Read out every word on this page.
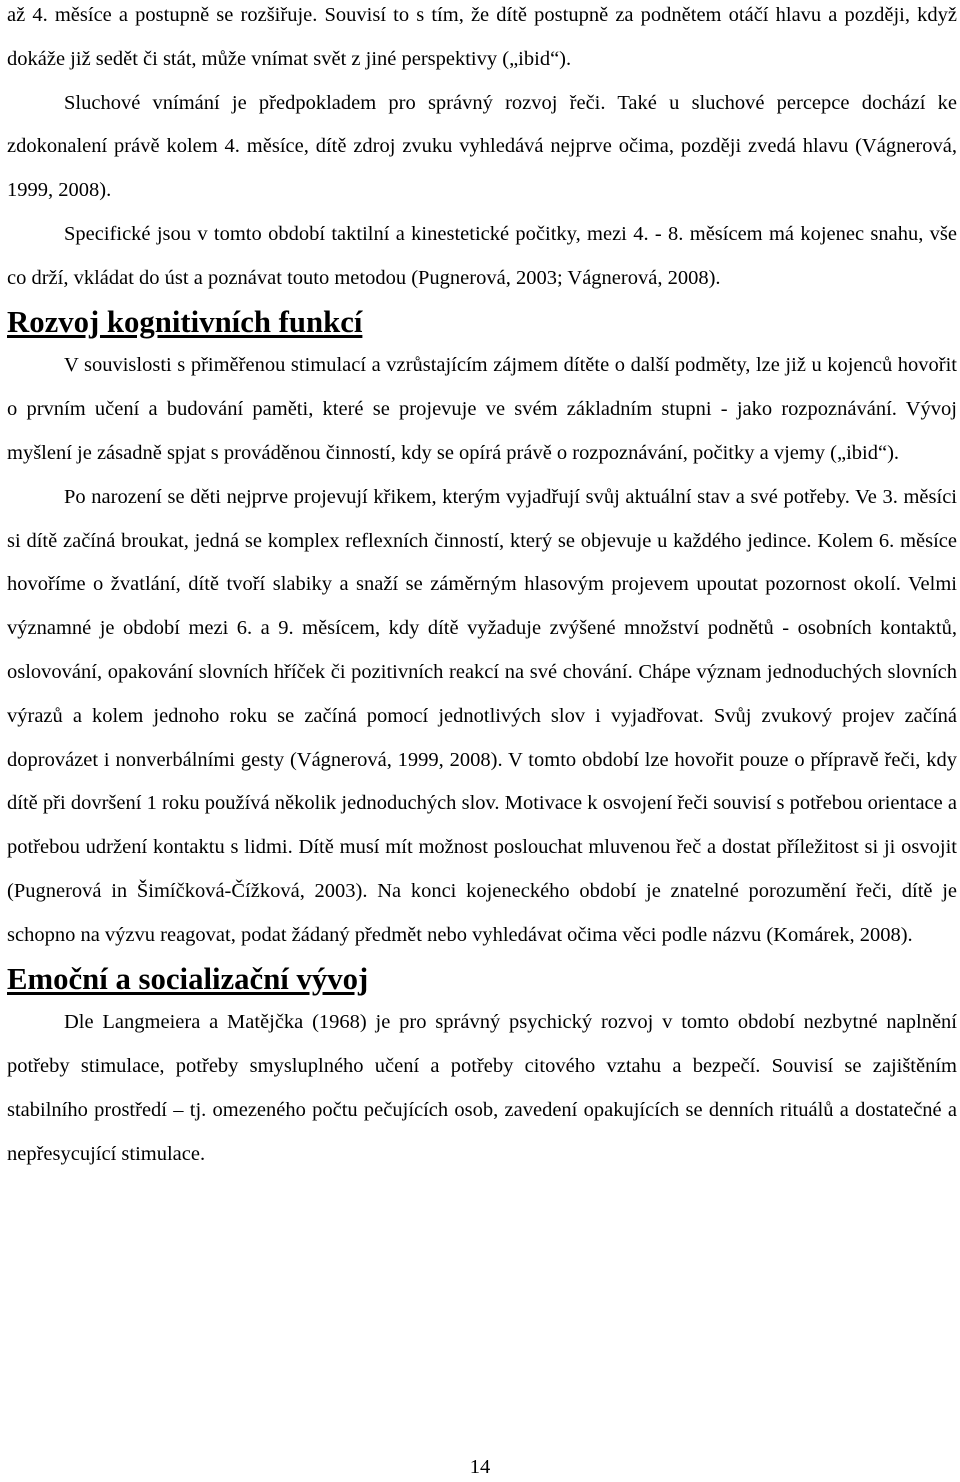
až 4. měsíce a postupně se rozšiřuje. Souvisí to s tím, že dítě postupně za podnětem otáčí hlavu a později, když dokáže již sedět či stát, může vnímat svět z jiné perspektivy („ibid“).

Sluchové vnímání je předpokladem pro správný rozvoj řeči. Také u sluchové percepce dochází ke zdokonalení právě kolem 4. měsíce, dítě zdroj zvuku vyhledává nejprve očima, později zvedá hlavu (Vágnerová, 1999, 2008).

Specifické jsou v tomto období taktilní a kinestetické počitky, mezi 4. - 8. měsícem má kojenec snahu, vše co drží, vkládat do úst a poznávat touto metodou (Pugnerová, 2003; Vágnerová, 2008).

Rozvoj kognitivních funkcí

V souvislosti s přiměřenou stimulací a vzrůstajícím zájmem dítěte o další podměty, lze již u kojenců hovořit o prvním učení a budování paměti, které se projevuje ve svém základním stupni - jako rozpoznávání. Vývoj myšlení je zásadně spjat s prováděnou činností, kdy se opírá právě o rozpoznávání, počitky a vjemy („ibid“).

Po narození se děti nejprve projevují křikem, kterým vyjadřují svůj aktuální stav a své potřeby. Ve 3. měsíci si dítě začíná broukat, jedná se komplex reflexních činností, který se objevuje u každého jedince. Kolem 6. měsíce hovoříme o žvatlání, dítě tvoří slabiky a snaží se záměrným hlasovým projevem upoutat pozornost okolí. Velmi významné je období mezi 6. a 9. měsícem, kdy dítě vyžaduje zvýšené množství podnětů - osobních kontaktů, oslovování, opakování slovních hříček či pozitivních reakcí na své chování. Chápe význam jednoduchých slovních výrazů a kolem jednoho roku se začíná pomocí jednotlivých slov i vyjadřovat. Svůj zvukový projev začíná doprovázet i nonverbálními gesty (Vágnerová, 1999, 2008). V tomto období lze hovořit pouze o přípravě řeči, kdy dítě při dovršení 1 roku používá několik jednoduchých slov. Motivace k osvojení řeči souvisí s potřebou orientace a potřebou udržení kontaktu s lidmi. Dítě musí mít možnost poslouchat mluvenou řeč a dostat příležitost si ji osvojit (Pugnerová in Šimíčková-Čížková, 2003). Na konci kojeneckého období je znatelné porozumění řeči, dítě je schopno na výzvu reagovat, podat žádaný předmět nebo vyhledávat očima věci podle názvu (Komárek, 2008).

Emoční a socializační vývoj

Dle Langmeiera a Matějčka (1968) je pro správný psychický rozvoj v tomto období nezbytné naplnění potřeby stimulace, potřeby smysluplného učení a potřeby citového vztahu a bezpečí. Souvisí se zajištěním stabilního prostředí – tj. omezeného počtu pečujících osob, zavedení opakujících se denních rituálů a dostatečné a nepřesycující stimulace.

14
